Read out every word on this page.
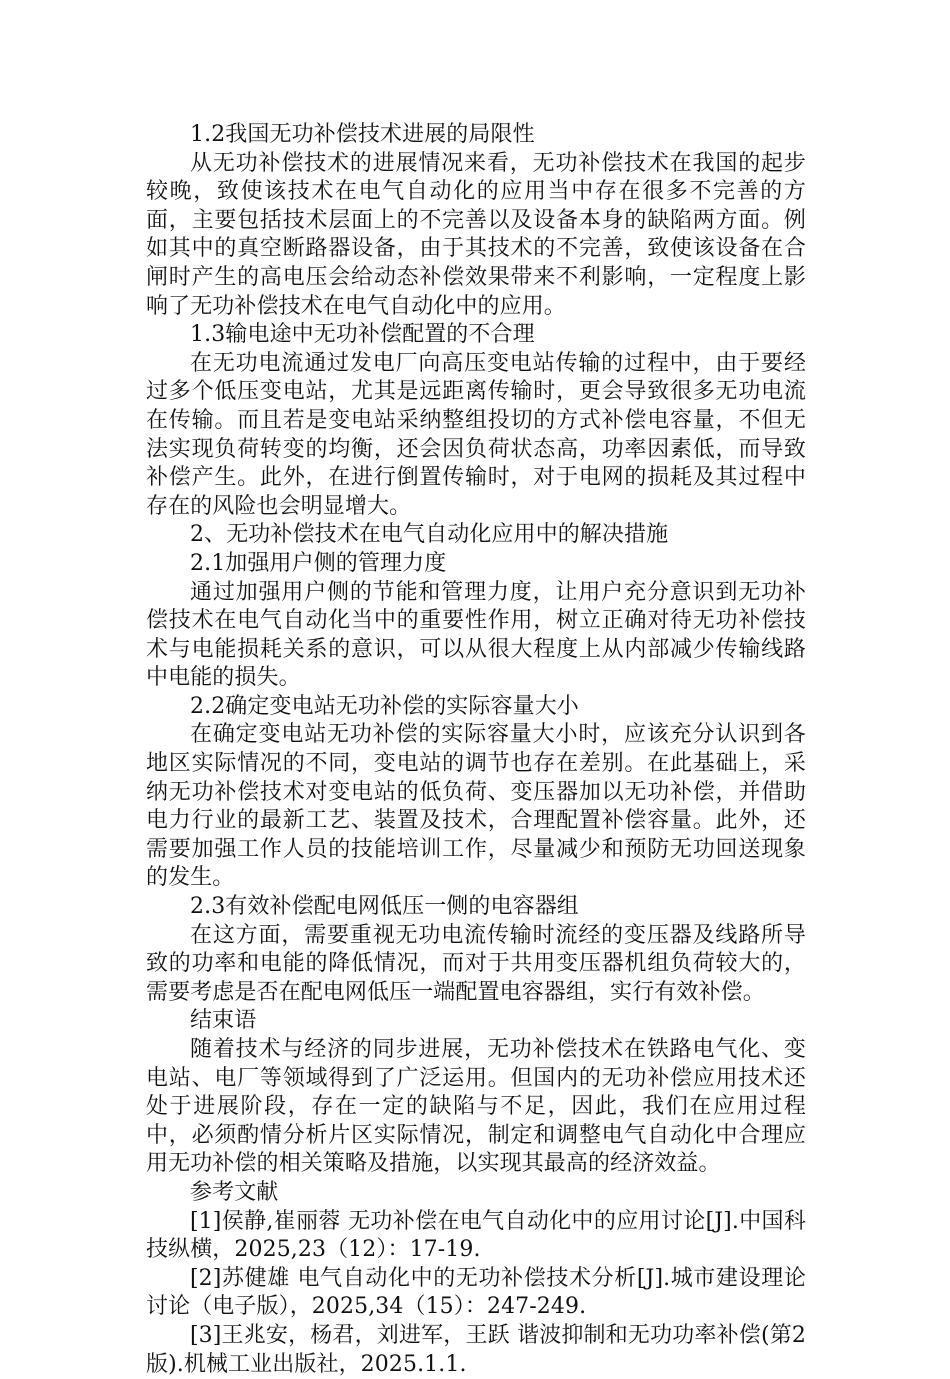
1.2我国无功补偿技术进展的局限性

从无功补偿技术的进展情况来看，无功补偿技术在我国的起步较晚，致使该技术在电气自动化的应用当中存在很多不完善的方面，主要包括技术层面上的不完善以及设备本身的缺陷两方面。例如其中的真空断路器设备，由于其技术的不完善，致使该设备在合闸时产生的高电压会给动态补偿效果带来不利影响，一定程度上影响了无功补偿技术在电气自动化中的应用。

1.3输电途中无功补偿配置的不合理

在无功电流通过发电厂向高压变电站传输的过程中，由于要经过多个低压变电站，尤其是远距离传输时，更会导致很多无功电流在传输。而且若是变电站采纳整组投切的方式补偿电容量，不但无法实现负荷转变的均衡，还会因负荷状态高，功率因素低，而导致补偿产生。此外，在进行倒置传输时，对于电网的损耗及其过程中存在的风险也会明显增大。

2、无功补偿技术在电气自动化应用中的解决措施

2.1加强用户侧的管理力度

通过加强用户侧的节能和管理力度，让用户充分意识到无功补偿技术在电气自动化当中的重要性作用，树立正确对待无功补偿技术与电能损耗关系的意识，可以从很大程度上从内部减少传输线路中电能的损失。

2.2确定变电站无功补偿的实际容量大小

在确定变电站无功补偿的实际容量大小时，应该充分认识到各地区实际情况的不同，变电站的调节也存在差别。在此基础上，采纳无功补偿技术对变电站的低负荷、变压器加以无功补偿，并借助电力行业的最新工艺、装置及技术，合理配置补偿容量。此外，还需要加强工作人员的技能培训工作，尽量减少和预防无功回送现象的发生。

2.3有效补偿配电网低压一侧的电容器组

在这方面，需要重视无功电流传输时流经的变压器及线路所导致的功率和电能的降低情况，而对于共用变压器机组负荷较大的，需要考虑是否在配电网低压一端配置电容器组，实行有效补偿。

结束语

随着技术与经济的同步进展，无功补偿技术在铁路电气化、变电站、电厂等领域得到了广泛运用。但国内的无功补偿应用技术还处于进展阶段，存在一定的缺陷与不足，因此，我们在应用过程中，必须酌情分析片区实际情况，制定和调整电气自动化中合理应用无功补偿的相关策略及措施，以实现其最高的经济效益。

参考文献

[1]侯静,崔丽蓉 无功补偿在电气自动化中的应用讨论[J].中国科技纵横，2025,23（12）：17-19.

[2]苏健雄 电气自动化中的无功补偿技术分析[J].城市建设理论讨论（电子版），2025,34（15）：247-249.

[3]王兆安，杨君，刘进军，王跃 谐波抑制和无功功率补偿(第2版).机械工业出版社，2025.1.1.
